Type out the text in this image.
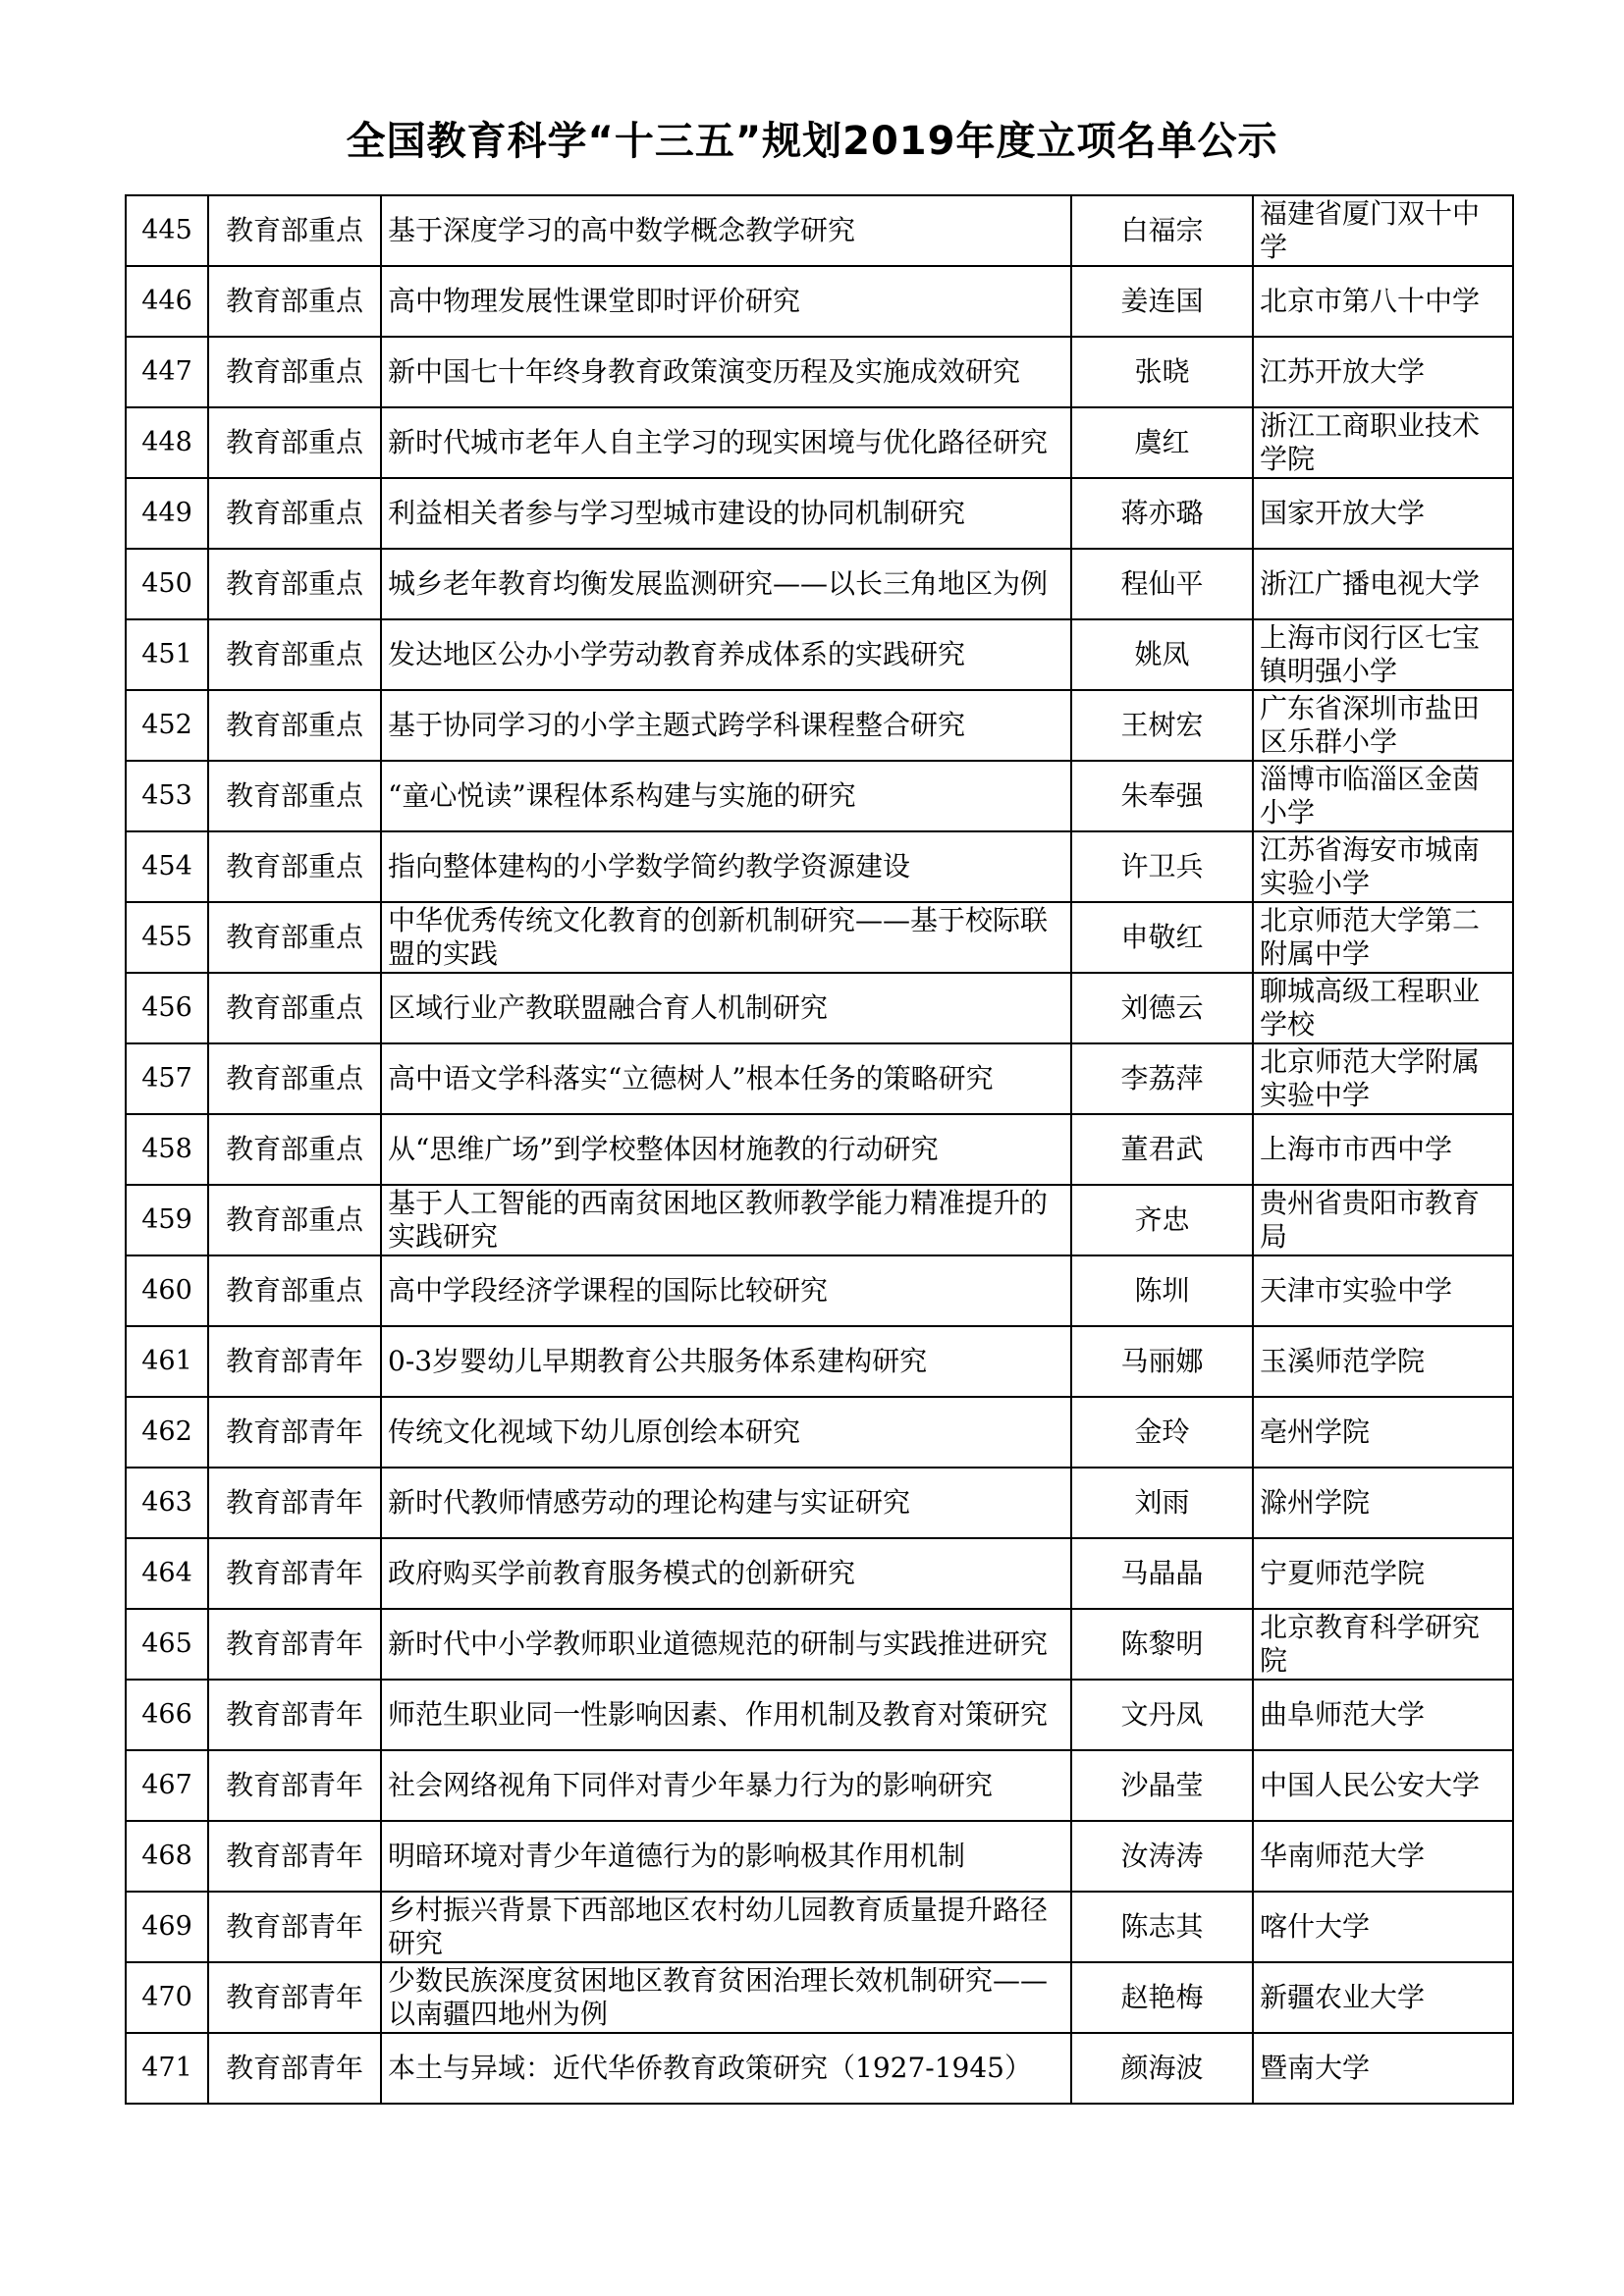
全国教育科学“十三五”规划2019年度立项名单公示
445	教育部重点	基于深度学习的高中数学概念教学研究	白福宗	福建省厦门双十中学
446	教育部重点	高中物理发展性课堂即时评价研究	姜连国	北京市第八十中学
447	教育部重点	新中国七十年终身教育政策演变历程及实施成效研究	张晓	江苏开放大学
448	教育部重点	新时代城市老年人自主学习的现实困境与优化路径研究	虞红	浙江工商职业技术学院
449	教育部重点	利益相关者参与学习型城市建设的协同机制研究	蒋亦璐	国家开放大学
450	教育部重点	城乡老年教育均衡发展监测研究——以长三角地区为例	程仙平	浙江广播电视大学
451	教育部重点	发达地区公办小学劳动教育养成体系的实践研究	姚凤	上海市闵行区七宝镇明强小学
452	教育部重点	基于协同学习的小学主题式跨学科课程整合研究	王树宏	广东省深圳市盐田区乐群小学
453	教育部重点	“童心悦读”课程体系构建与实施的研究	朱奉强	淄博市临淄区金茵小学
454	教育部重点	指向整体建构的小学数学简约教学资源建设	许卫兵	江苏省海安市城南实验小学
455	教育部重点	中华优秀传统文化教育的创新机制研究——基于校际联盟的实践	申敬红	北京师范大学第二附属中学
456	教育部重点	区域行业产教联盟融合育人机制研究	刘德云	聊城高级工程职业学校
457	教育部重点	高中语文学科落实“立德树人”根本任务的策略研究	李荔萍	北京师范大学附属实验中学
458	教育部重点	从“思维广场”到学校整体因材施教的行动研究	董君武	上海市市西中学
459	教育部重点	基于人工智能的西南贫困地区教师教学能力精准提升的实践研究	齐忠	贵州省贵阳市教育局
460	教育部重点	高中学段经济学课程的国际比较研究	陈圳	天津市实验中学
461	教育部青年	0-3岁婴幼儿早期教育公共服务体系建构研究	马丽娜	玉溪师范学院
462	教育部青年	传统文化视域下幼儿原创绘本研究	金玲	亳州学院
463	教育部青年	新时代教师情感劳动的理论构建与实证研究	刘雨	滁州学院
464	教育部青年	政府购买学前教育服务模式的创新研究	马晶晶	宁夏师范学院
465	教育部青年	新时代中小学教师职业道德规范的研制与实践推进研究	陈黎明	北京教育科学研究院
466	教育部青年	师范生职业同一性影响因素、作用机制及教育对策研究	文丹凤	曲阜师范大学
467	教育部青年	社会网络视角下同伴对青少年暴力行为的影响研究	沙晶莹	中国人民公安大学
468	教育部青年	明暗环境对青少年道德行为的影响极其作用机制	汝涛涛	华南师范大学
469	教育部青年	乡村振兴背景下西部地区农村幼儿园教育质量提升路径研究	陈志其	喀什大学
470	教育部青年	少数民族深度贫困地区教育贫困治理长效机制研究——以南疆四地州为例	赵艳梅	新疆农业大学
471	教育部青年	本土与异域：近代华侨教育政策研究（1927-1945）	颜海波	暨南大学
